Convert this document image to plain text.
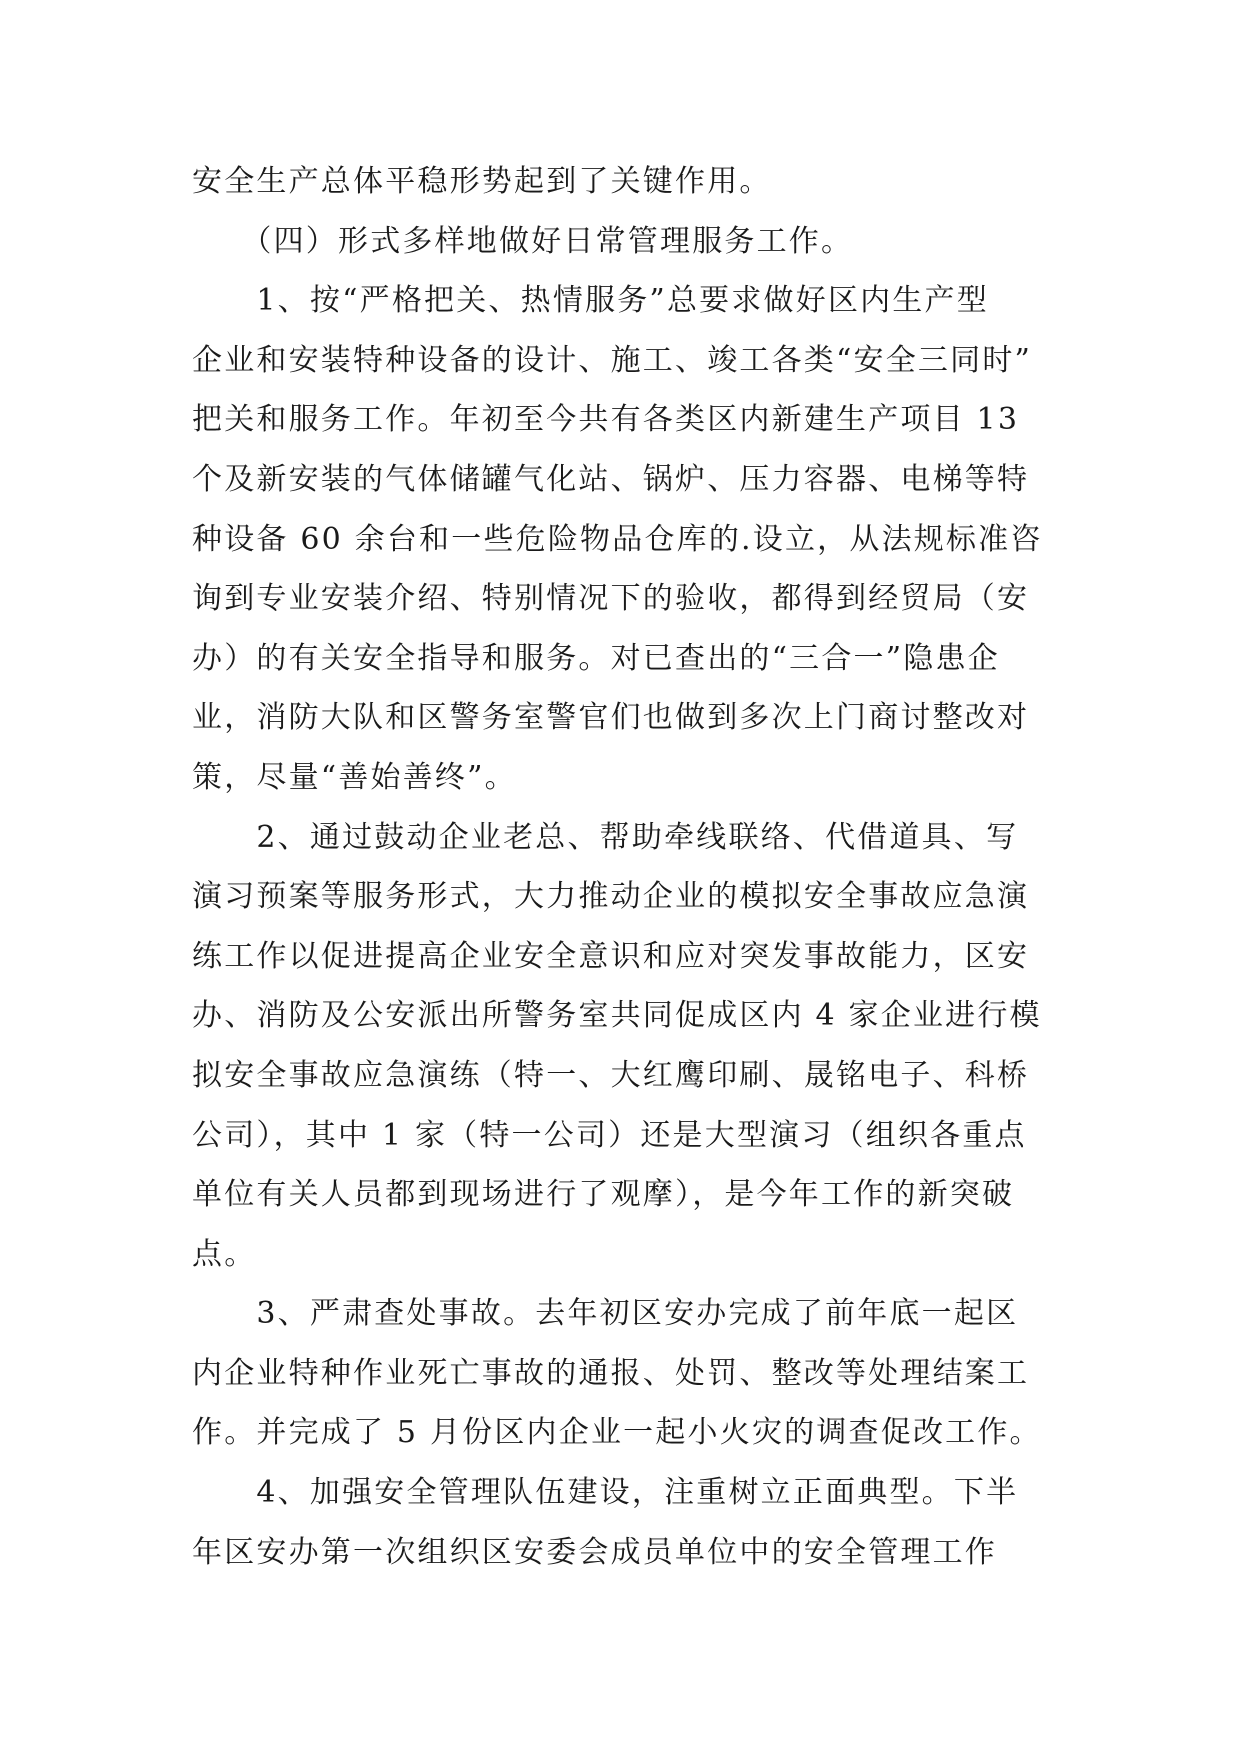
安全生产总体平稳形势起到了关键作用。
　　（四）形式多样地做好日常管理服务工作。
　　1、按“严格把关、热情服务”总要求做好区内生产型
企业和安装特种设备的设计、施工、竣工各类“安全三同时”
把关和服务工作。年初至今共有各类区内新建生产项目 13
个及新安装的气体储罐气化站、锅炉、压力容器、电梯等特
种设备 60 余台和一些危险物品仓库的.设立，从法规标准咨
询到专业安装介绍、特别情况下的验收，都得到经贸局（安
办）的有关安全指导和服务。对已查出的“三合一”隐患企
业，消防大队和区警务室警官们也做到多次上门商讨整改对
策，尽量“善始善终”。
　　2、通过鼓动企业老总、帮助牵线联络、代借道具、写
演习预案等服务形式，大力推动企业的模拟安全事故应急演
练工作以促进提高企业安全意识和应对突发事故能力，区安
办、消防及公安派出所警务室共同促成区内 4 家企业进行模
拟安全事故应急演练（特一、大红鹰印刷、晟铭电子、科桥
公司），其中 1 家（特一公司）还是大型演习（组织各重点
单位有关人员都到现场进行了观摩），是今年工作的新突破
点。
　　3、严肃查处事故。去年初区安办完成了前年底一起区
内企业特种作业死亡事故的通报、处罚、整改等处理结案工
作。并完成了 5 月份区内企业一起小火灾的调查促改工作。
　　4、加强安全管理队伍建设，注重树立正面典型。下半
年区安办第一次组织区安委会成员单位中的安全管理工作
